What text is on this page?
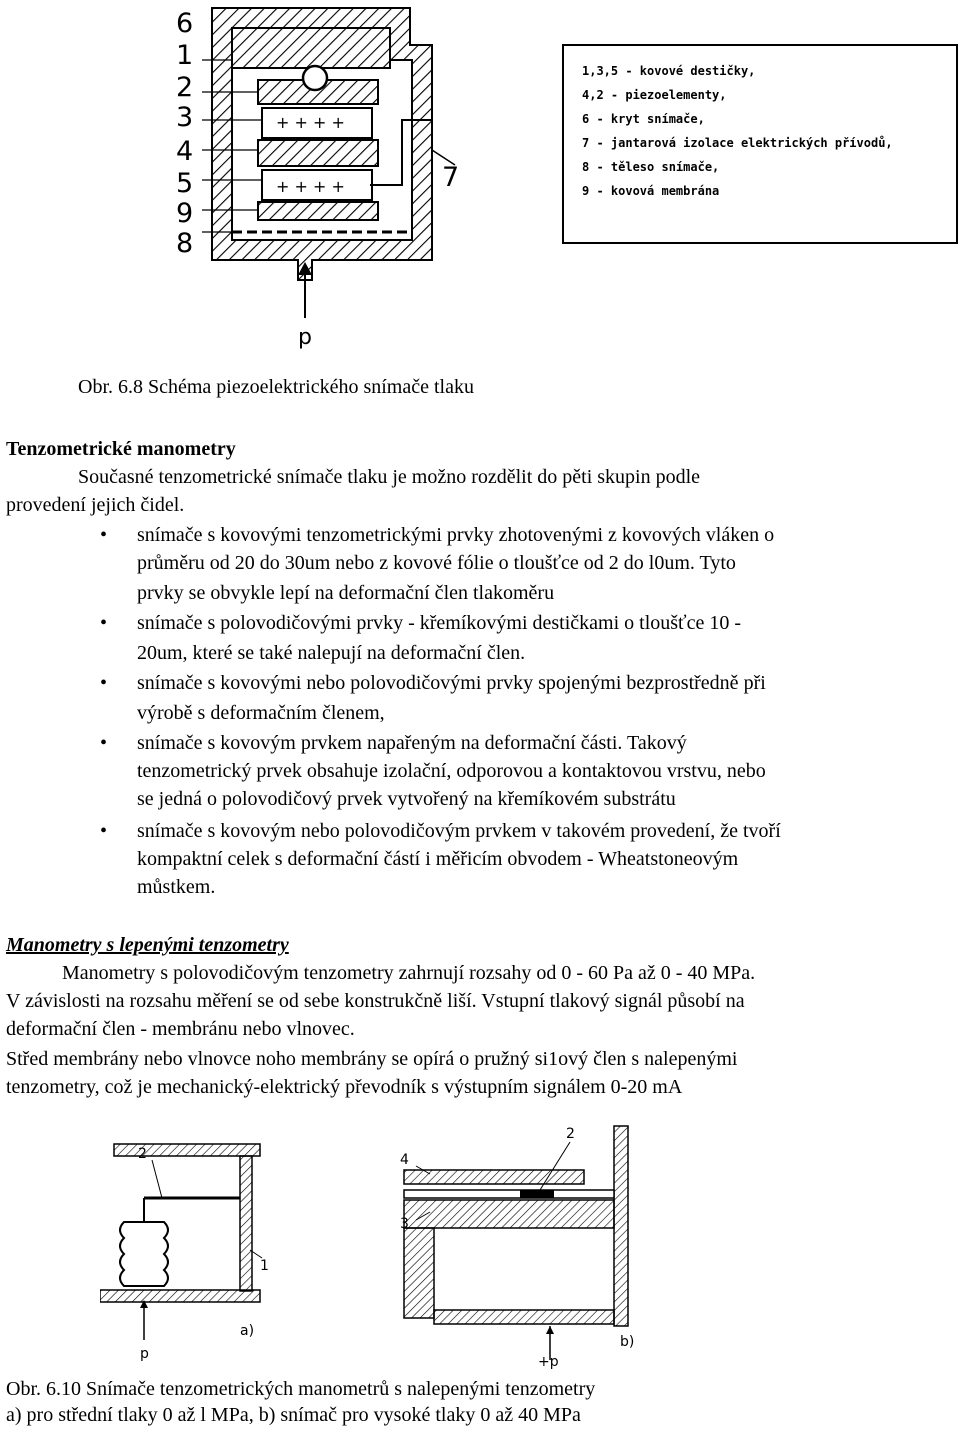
+ + + +
+ + + +
6
1
2
3
4
5
9
8
7
p
1,3,5 - kovové destičky,
4,2 - piezoelementy,
6 - kryt snímače,
7 - jantarová izolace elektrických přívodů,
8 - těleso snímače,
9 - kovová membrána
Obr. 6.8 Schéma piezoelektrického snímače tlaku
Tenzometrické manometry
Současné tenzometrické snímače tlaku je možno rozdělit do pěti skupin podle
provedení jejich čidel.
• snímače s kovovými tenzometrickými prvky zhotovenými z kovových vláken o
průměru od 20 do 30um nebo z kovové fólie o tloušťce od 2 do l0um. Tyto
prvky se obvykle lepí na deformační člen tlakoměru
• snímače s polovodičovými prvky - křemíkovými destičkami o tloušťce 10 -
20um, které se také nalepují na deformační člen.
• snímače s kovovými nebo polovodičovými prvky spojenými bezprostředně při
výrobě s deformačním členem,
• snímače s kovovým prvkem napařeným na deformační části. Takový
tenzometrický prvek obsahuje izolační, odporovou a kontaktovou vrstvu, nebo
se jedná o polovodičový prvek vytvořený na křemíkovém substrátu
• snímače s kovovým nebo polovodičovým prvkem v takovém provedení, že tvoří
kompaktní celek s deformační částí i měřicím obvodem - Wheatstoneovým
můstkem.
Manometry s lepenými tenzometry
Manometry s polovodičovým tenzometry zahrnují rozsahy od 0 - 60 Pa až 0 - 40 MPa.
V závislosti na rozsahu měření se od sebe konstrukčně liší. Vstupní tlakový signál působí na
deformační člen - membránu nebo vlnovec.
Střed membrány nebo vlnovce noho membrány se opírá o pružný si1ový člen s nalepenými
tenzometry, což je mechanický-elektrický převodník s výstupním signálem 0-20 mA
2
1
a)
p
2
4
3
b)
+p
Obr. 6.10 Snímače tenzometrických manometrů s nalepenými tenzometry
a) pro střední tlaky 0 až l MPa, b) snímač pro vysoké tlaky 0 až 40 MPa
